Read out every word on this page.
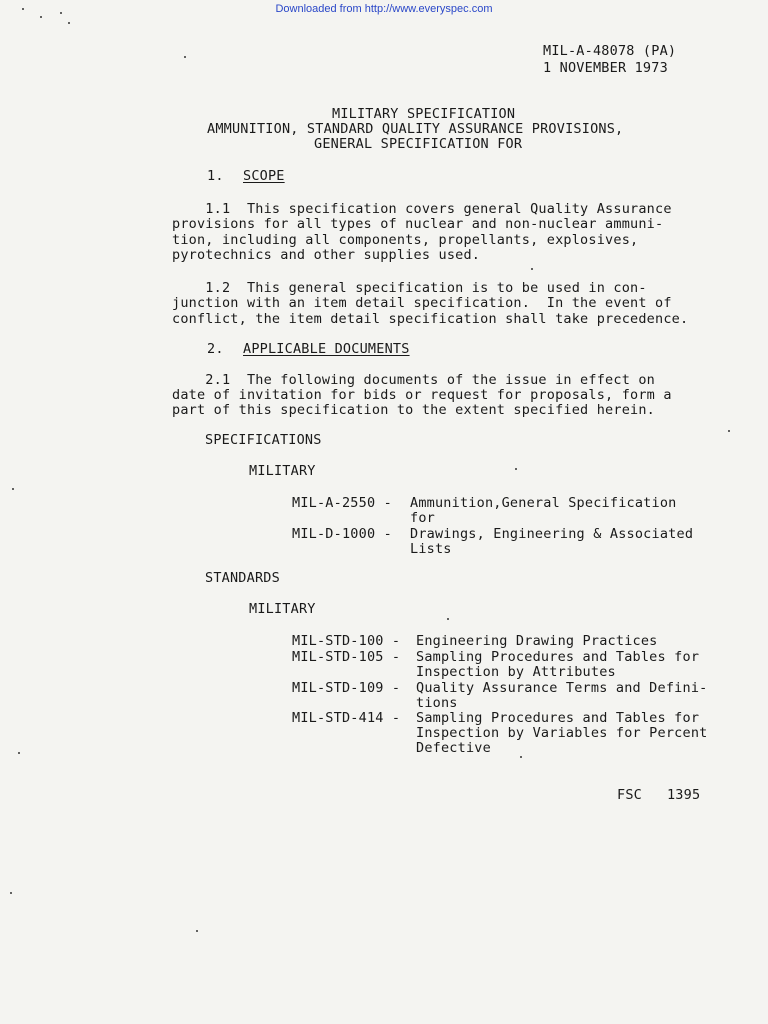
Downloaded from http://www.everyspec.com
MIL-A-48078 (PA)
1 NOVEMBER 1973
MILITARY SPECIFICATION
AMMUNITION, STANDARD QUALITY ASSURANCE PROVISIONS,
GENERAL SPECIFICATION FOR
1. SCOPE
1.1  This specification covers general Quality Assurance
provisions for all types of nuclear and non-nuclear ammuni-
tion, including all components, propellants, explosives,
pyrotechnics and other supplies used.
1.2  This general specification is to be used in con-
junction with an item detail specification.  In the event of
conflict, the item detail specification shall take precedence.
2. APPLICABLE DOCUMENTS
2.1  The following documents of the issue in effect on
date of invitation for bids or request for proposals, form a
part of this specification to the extent specified herein.
SPECIFICATIONS
MILITARY
MIL-A-2550 - Ammunition,General Specification
for
MIL-D-1000 - Drawings, Engineering & Associated
Lists
STANDARDS
MILITARY
MIL-STD-100 - Engineering Drawing Practices
MIL-STD-105 - Sampling Procedures and Tables for
Inspection by Attributes
MIL-STD-109 - Quality Assurance Terms and Defini-
tions
MIL-STD-414 - Sampling Procedures and Tables for
Inspection by Variables for Percent
Defective
FSC   1395
